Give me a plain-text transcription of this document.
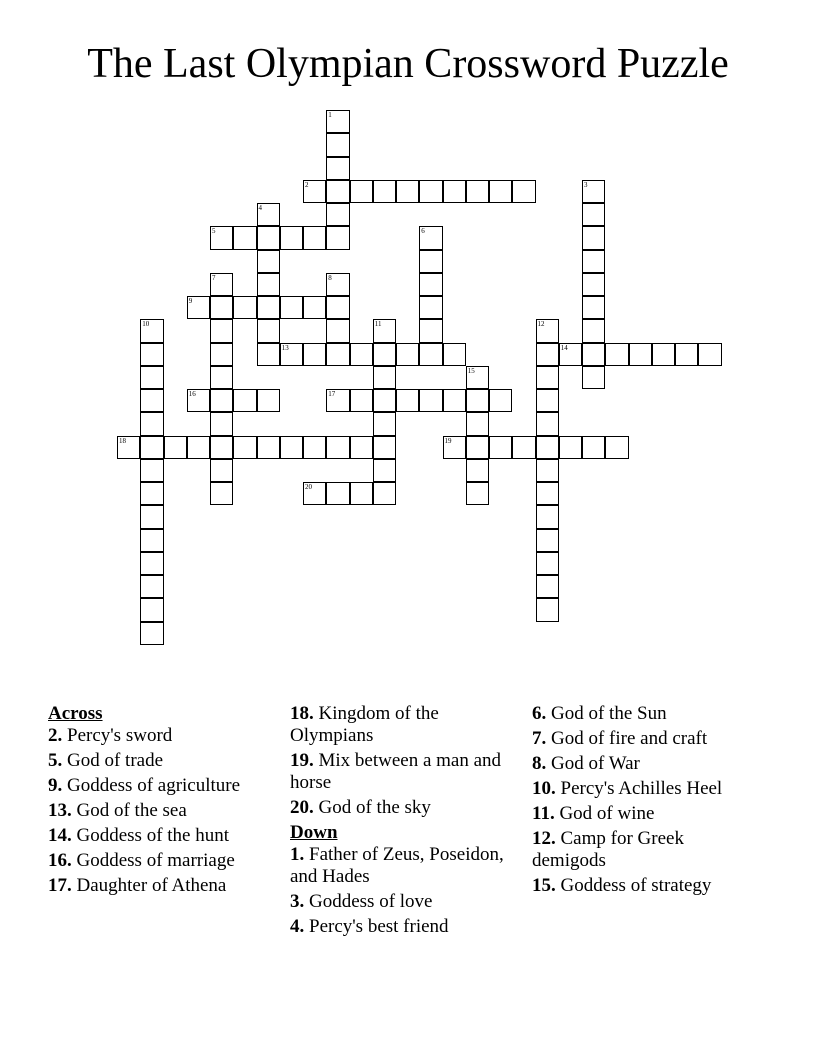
The Last Olympian Crossword Puzzle
2
5
9
13	14
16	17
18	19
20
1
3
4
6
7	8
10	11	12
15
Across
2. Percy's sword
5. God of trade
9. Goddess of agriculture
13. God of the sea
14. Goddess of the hunt
16. Goddess of marriage
17. Daughter of Athena
18. Kingdom of the Olympians
19. Mix between a man and horse
20. God of the sky
Down
1. Father of Zeus, Poseidon, and Hades
3. Goddess of love
4. Percy's best friend
6. God of the Sun
7. God of fire and craft
8. God of War
10. Percy's Achilles Heel
11. God of wine
12. Camp for Greek demigods
15. Goddess of strategy
